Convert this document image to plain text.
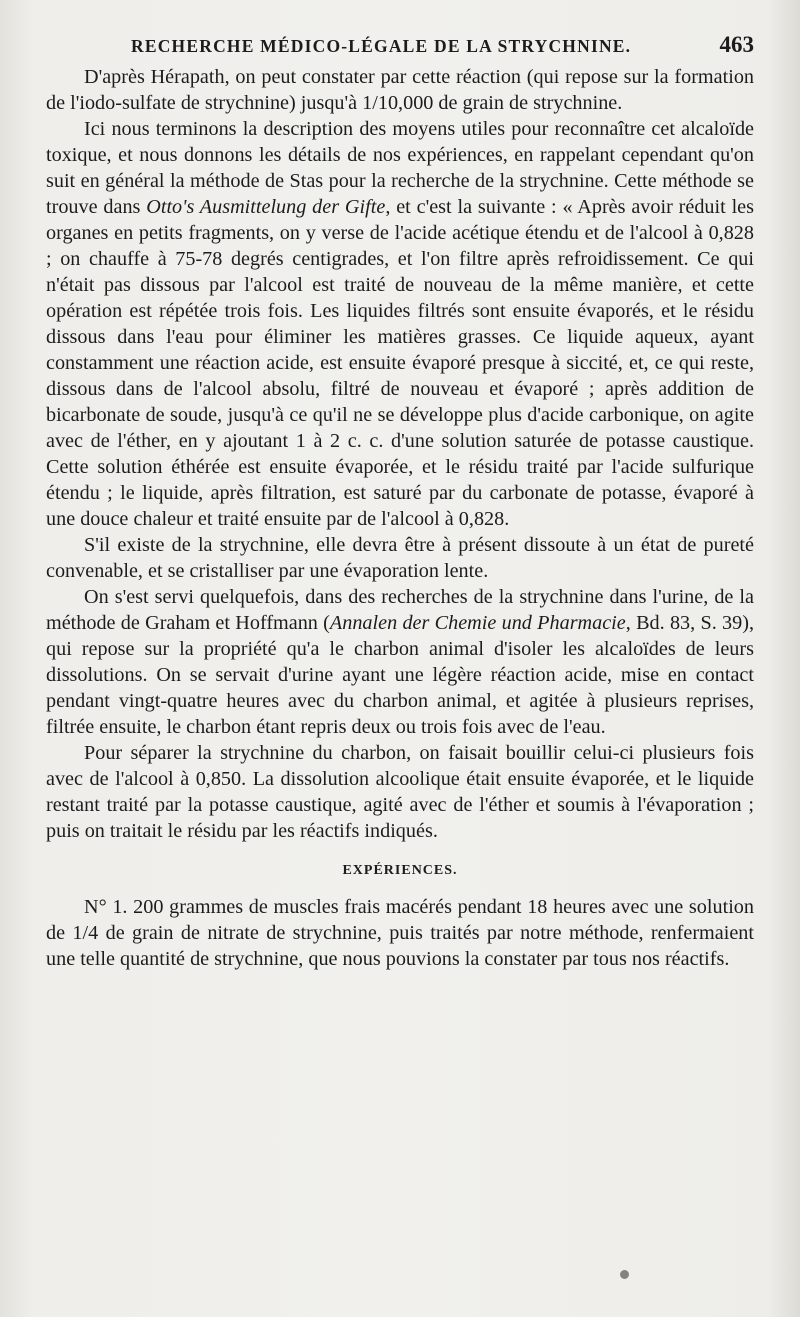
RECHERCHE MÉDICO-LÉGALE DE LA STRYCHNINE.	463

D'après Hérapath, on peut constater par cette réaction (qui repose sur la formation de l'iodo-sulfate de strychnine) jusqu'à 1/10,000 de grain de strychnine.

Ici nous terminons la description des moyens utiles pour reconnaître cet alcaloïde toxique, et nous donnons les détails de nos expériences, en rappelant cependant qu'on suit en général la méthode de Stas pour la recherche de la strychnine. Cette méthode se trouve dans Otto's Ausmittelung der Gifte, et c'est la suivante : « Après avoir réduit les organes en petits fragments, on y verse de l'acide acétique étendu et de l'alcool à 0,828 ; on chauffe à 75-78 degrés centigrades, et l'on filtre après refroidissement. Ce qui n'était pas dissous par l'alcool est traité de nouveau de la même manière, et cette opération est répétée trois fois. Les liquides filtrés sont ensuite évaporés, et le résidu dissous dans l'eau pour éliminer les matières grasses. Ce liquide aqueux, ayant constamment une réaction acide, est ensuite évaporé presque à siccité, et, ce qui reste, dissous dans de l'alcool absolu, filtré de nouveau et évaporé ; après addition de bicarbonate de soude, jusqu'à ce qu'il ne se développe plus d'acide carbonique, on agite avec de l'éther, en y ajoutant 1 à 2 c. c. d'une solution saturée de potasse caustique. Cette solution éthérée est ensuite évaporée, et le résidu traité par l'acide sulfurique étendu ; le liquide, après filtration, est saturé par du carbonate de potasse, évaporé à une douce chaleur et traité ensuite par de l'alcool à 0,828.

S'il existe de la strychnine, elle devra être à présent dissoute à un état de pureté convenable, et se cristalliser par une évaporation lente.

On s'est servi quelquefois, dans des recherches de la strychnine dans l'urine, de la méthode de Graham et Hoffmann (Annalen der Chemie und Pharmacie, Bd. 83, S. 39), qui repose sur la propriété qu'a le charbon animal d'isoler les alcaloïdes de leurs dissolutions. On se servait d'urine ayant une légère réaction acide, mise en contact pendant vingt-quatre heures avec du charbon animal, et agitée à plusieurs reprises, filtrée ensuite, le charbon étant repris deux ou trois fois avec de l'eau.

Pour séparer la strychnine du charbon, on faisait bouillir celui-ci plusieurs fois avec de l'alcool à 0,850. La dissolution alcoolique était ensuite évaporée, et le liquide restant traité par la potasse caustique, agité avec de l'éther et soumis à l'évaporation ; puis on traitait le résidu par les réactifs indiqués.

EXPÉRIENCES.

N° 1. 200 grammes de muscles frais macérés pendant 18 heures avec une solution de 1/4 de grain de nitrate de strychnine, puis traités par notre méthode, renfermaient une telle quantité de strychnine, que nous pouvions la constater par tous nos réactifs.
